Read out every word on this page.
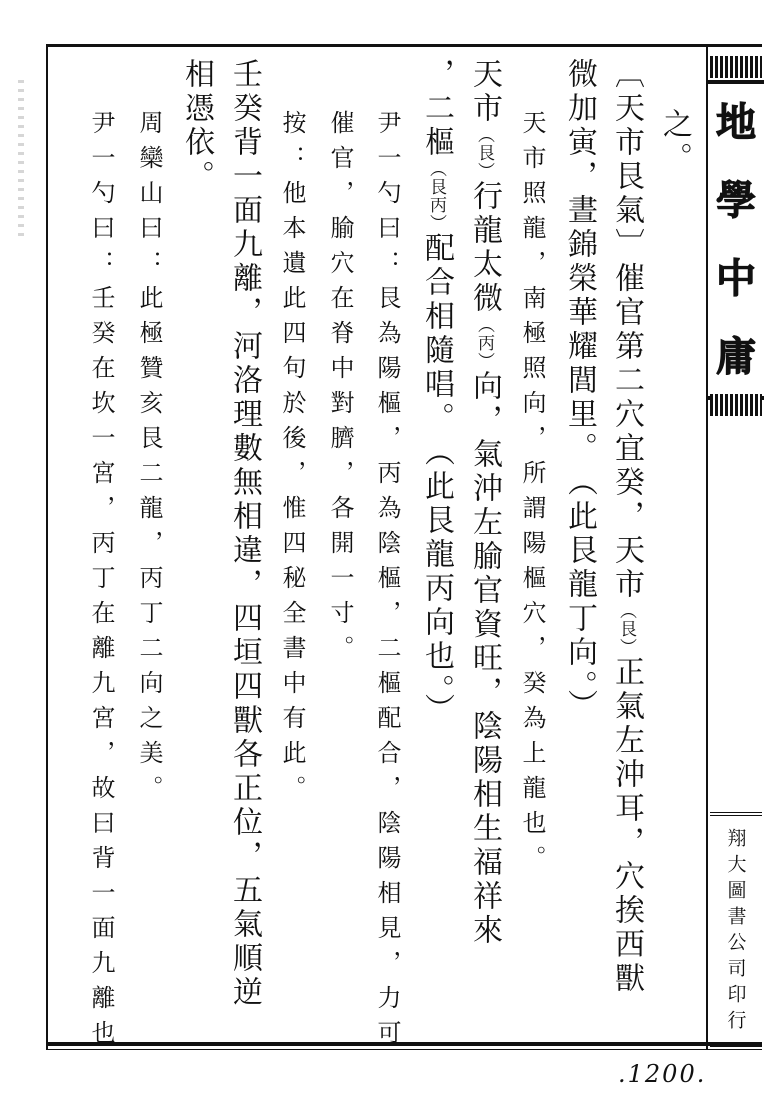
地
學
中
庸
翔大圖書公司印行
之。
︹天市艮氣︺催官第二穴宜癸，天市︵艮︶正氣左沖耳，穴挨西獸
微加寅，晝錦榮華耀閭里。︵此艮龍丁向。︶
天市照龍，南極照向，所謂陽樞穴，癸為上龍也。
天市︵艮︶行龍太微︵丙︶向，氣沖左腧官資旺，陰陽相生福祥來
，二樞︵艮丙︶配合相隨唱。︵此艮龍丙向也。︶
尹一勺曰：艮為陽樞，丙為陰樞，二樞配合，陰陽相見，力可
催官，腧穴在脊中對臍，各開一寸。
按：他本遺此四句於後，惟四秘全書中有此。
壬癸背一面九離，河洛理數無相違，四垣四獸各正位，五氣順逆
相憑依。
周欒山曰：此極贊亥艮二龍，丙丁二向之美。
尹一勺曰：壬癸在坎一宮，丙丁在離九宮，故曰背一面九離也
.1200.
